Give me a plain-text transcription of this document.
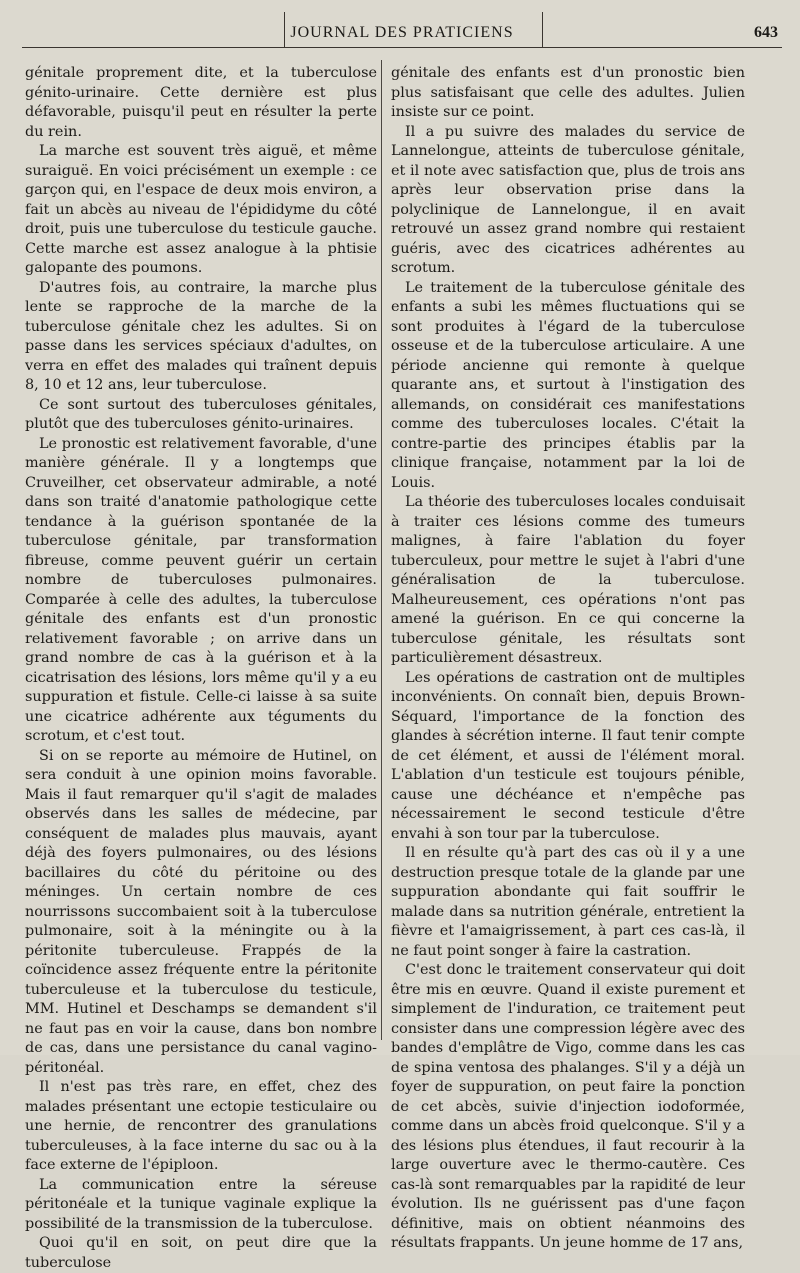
JOURNAL DES PRATICIENS	643

génitale proprement dite, et la tuberculose génito-urinaire. Cette dernière est plus défavorable, puisqu'il peut en résulter la perte du rein.

La marche est souvent très aiguë, et même suraiguë. En voici précisément un exemple : ce garçon qui, en l'espace de deux mois environ, a fait un abcès au niveau de l'épididyme du côté droit, puis une tuberculose du testicule gauche. Cette marche est assez analogue à la phtisie galopante des poumons.

D'autres fois, au contraire, la marche plus lente se rapproche de la marche de la tuberculose génitale chez les adultes. Si on passe dans les services spéciaux d'adultes, on verra en effet des malades qui traînent depuis 8, 10 et 12 ans, leur tuberculose.

Ce sont surtout des tuberculoses génitales, plutôt que des tuberculoses génito-urinaires.

Le pronostic est relativement favorable, d'une manière générale. Il y a longtemps que Cruveilher, cet observateur admirable, a noté dans son traité d'anatomie pathologique cette tendance à la guérison spontanée de la tuberculose génitale, par transformation fibreuse, comme peuvent guérir un certain nombre de tuberculoses pulmonaires. Comparée à celle des adultes, la tuberculose génitale des enfants est d'un pronostic relativement favorable ; on arrive dans un grand nombre de cas à la guérison et à la cicatrisation des lésions, lors même qu'il y a eu suppuration et fistule. Celle-ci laisse à sa suite une cicatrice adhérente aux téguments du scrotum, et c'est tout.

Si on se reporte au mémoire de Hutinel, on sera conduit à une opinion moins favorable. Mais il faut remarquer qu'il s'agit de malades observés dans les salles de médecine, par conséquent de malades plus mauvais, ayant déjà des foyers pulmonaires, ou des lésions bacillaires du côté du péritoine ou des méninges. Un certain nombre de ces nourrissons succombaient soit à la tuberculose pulmonaire, soit à la méningite ou à la péritonite tuberculeuse. Frappés de la coïncidence assez fréquente entre la péritonite tuberculeuse et la tuberculose du testicule, MM. Hutinel et Deschamps se demandent s'il ne faut pas en voir la cause, dans bon nombre de cas, dans une persistance du canal vagino-péritonéal.

Il n'est pas très rare, en effet, chez des malades présentant une ectopie testiculaire ou une hernie, de rencontrer des granulations tuberculeuses, à la face interne du sac ou à la face externe de l'épiploon.

La communication entre la séreuse péritonéale et la tunique vaginale explique la possibilité de la transmission de la tuberculose.

Quoi qu'il en soit, on peut dire que la tuberculose

génitale des enfants est d'un pronostic bien plus satisfaisant que celle des adultes. Julien insiste sur ce point.

Il a pu suivre des malades du service de Lannelongue, atteints de tuberculose génitale, et il note avec satisfaction que, plus de trois ans après leur observation prise dans la polyclinique de Lannelongue, il en avait retrouvé un assez grand nombre qui restaient guéris, avec des cicatrices adhérentes au scrotum.

Le traitement de la tuberculose génitale des enfants a subi les mêmes fluctuations qui se sont produites à l'égard de la tuberculose osseuse et de la tuberculose articulaire. A une période ancienne qui remonte à quelque quarante ans, et surtout à l'instigation des allemands, on considérait ces manifestations comme des tuberculoses locales. C'était la contre-partie des principes établis par la clinique française, notamment par la loi de Louis.

La théorie des tuberculoses locales conduisait à traiter ces lésions comme des tumeurs malignes, à faire l'ablation du foyer tuberculeux, pour mettre le sujet à l'abri d'une généralisation de la tuberculose. Malheureusement, ces opérations n'ont pas amené la guérison. En ce qui concerne la tuberculose génitale, les résultats sont particulièrement désastreux.

Les opérations de castration ont de multiples inconvénients. On connaît bien, depuis Brown-Séquard, l'importance de la fonction des glandes à sécrétion interne. Il faut tenir compte de cet élément, et aussi de l'élément moral. L'ablation d'un testicule est toujours pénible, cause une déchéance et n'empêche pas nécessairement le second testicule d'être envahi à son tour par la tuberculose.

Il en résulte qu'à part des cas où il y a une destruction presque totale de la glande par une suppuration abondante qui fait souffrir le malade dans sa nutrition générale, entretient la fièvre et l'amaigrissement, à part ces cas-là, il ne faut point songer à faire la castration.

C'est donc le traitement conservateur qui doit être mis en œuvre. Quand il existe purement et simplement de l'induration, ce traitement peut consister dans une compression légère avec des bandes d'emplâtre de Vigo, comme dans les cas de spina ventosa des phalanges. S'il y a déjà un foyer de suppuration, on peut faire la ponction de cet abcès, suivie d'injection iodoformée, comme dans un abcès froid quelconque. S'il y a des lésions plus étendues, il faut recourir à la large ouverture avec le thermo-cautère. Ces cas-là sont remarquables par la rapidité de leur évolution. Ils ne guérissent pas d'une façon définitive, mais on obtient néanmoins des résultats frappants. Un jeune homme de 17 ans,
